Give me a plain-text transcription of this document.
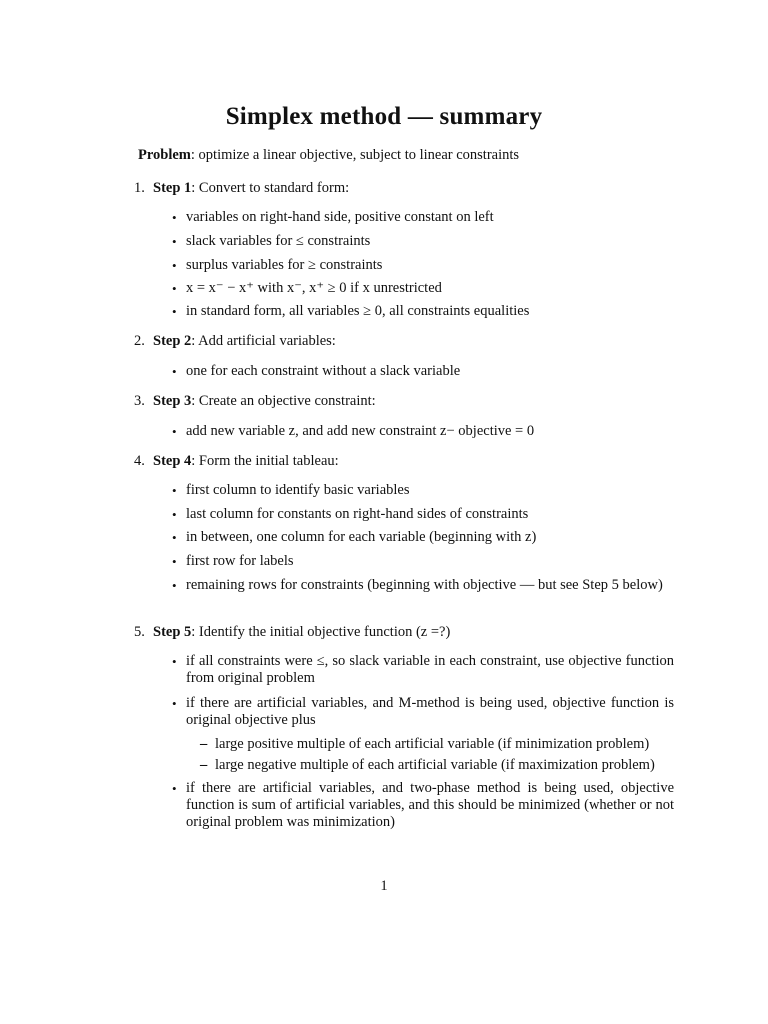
Simplex method — summary
Problem: optimize a linear objective, subject to linear constraints
1. Step 1: Convert to standard form:
• variables on right-hand side, positive constant on left
• slack variables for ≤ constraints
• surplus variables for ≥ constraints
• x = x⁻ − x⁺ with x⁻, x⁺ ≥ 0 if x unrestricted
• in standard form, all variables ≥ 0, all constraints equalities
2. Step 2: Add artificial variables:
• one for each constraint without a slack variable
3. Step 3: Create an objective constraint:
• add new variable z, and add new constraint z− objective = 0
4. Step 4: Form the initial tableau:
• first column to identify basic variables
• last column for constants on right-hand sides of constraints
• in between, one column for each variable (beginning with z)
• first row for labels
• remaining rows for constraints (beginning with objective — but see Step 5 below)
5. Step 5: Identify the initial objective function (z =?)
• if all constraints were ≤, so slack variable in each constraint, use objective function from original problem
• if there are artificial variables, and M-method is being used, objective function is original objective plus
– large positive multiple of each artificial variable (if minimization problem)
– large negative multiple of each artificial variable (if maximization problem)
• if there are artificial variables, and two-phase method is being used, objective function is sum of artificial variables, and this should be minimized (whether or not original problem was minimization)
1
